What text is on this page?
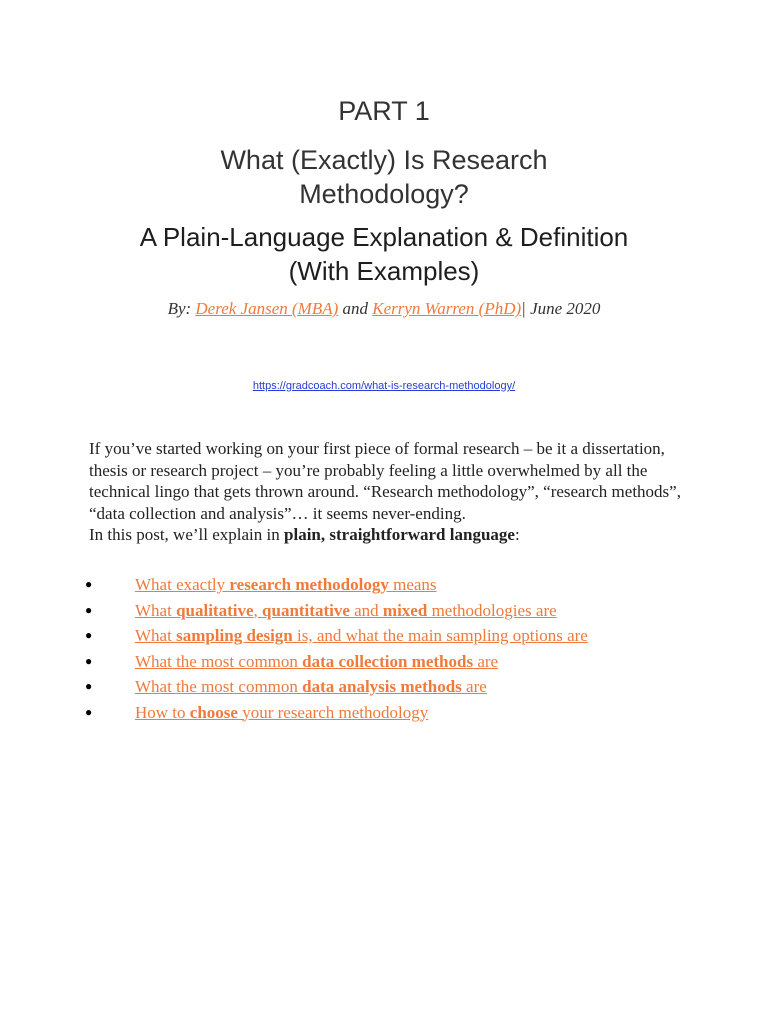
PART 1
What (Exactly) Is Research
Methodology?
A Plain-Language Explanation & Definition
(With Examples)
By: Derek Jansen (MBA) and Kerryn Warren (PhD)| June 2020
https://gradcoach.com/what-is-research-methodology/

If you’ve started working on your first piece of formal research – be it a dissertation, thesis or research project – you’re probably feeling a little overwhelmed by all the technical lingo that gets thrown around. “Research methodology”, “research methods”, “data collection and analysis”… it seems never-ending.

In this post, we’ll explain in plain, straightforward language:

●	What exactly research methodology means
●	What qualitative, quantitative and mixed methodologies are
●	What sampling design is, and what the main sampling options are
●	What the most common data collection methods are
●	What the most common data analysis methods are
●	How to choose your research methodology
